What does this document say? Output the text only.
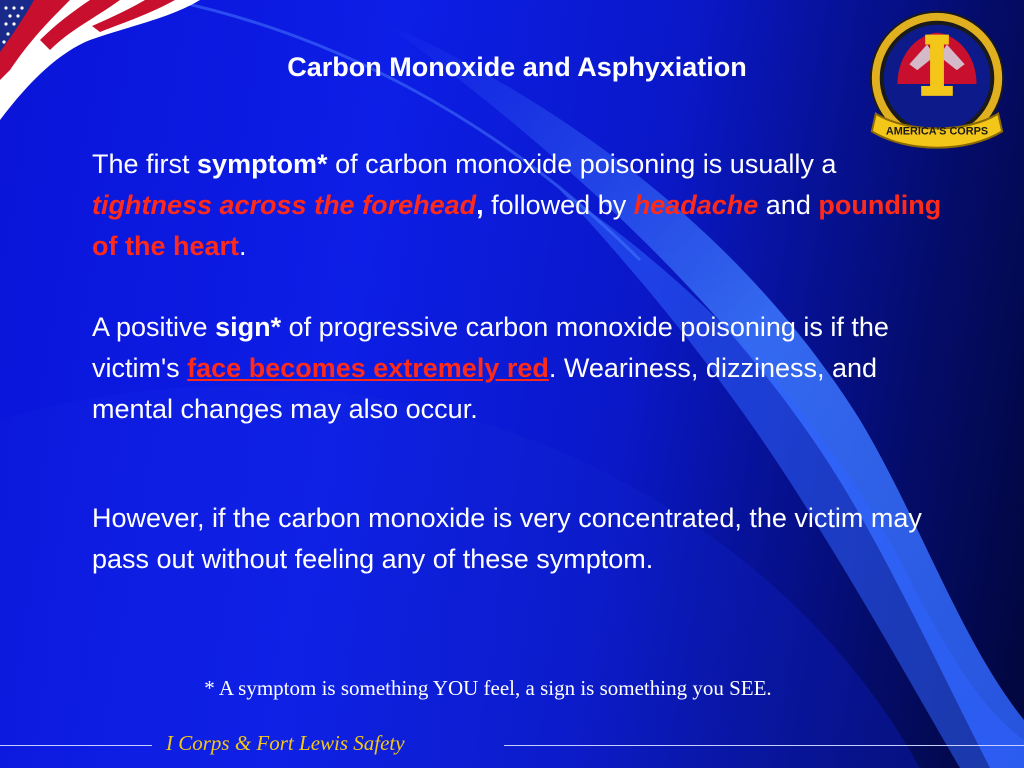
AMERICA'S CORPS
Carbon Monoxide and Asphyxiation
The first symptom* of carbon monoxide poisoning is usually a tightness across the forehead, followed by headache and pounding of the heart.
A positive sign* of progressive carbon monoxide poisoning is if the victim's face becomes extremely red. Weariness, dizziness, and mental changes may also occur.
However, if the carbon monoxide is very concentrated, the victim may pass out without feeling any of these symptom.
* A symptom is something YOU feel, a sign is something you SEE.
I Corps & Fort Lewis Safety
